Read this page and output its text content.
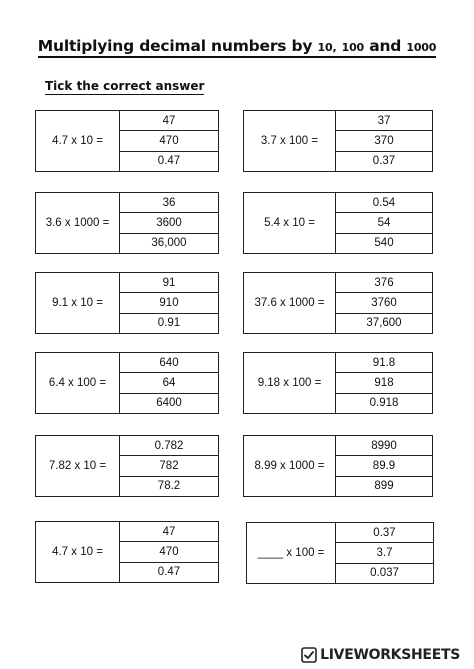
Multiplying decimal numbers by 10, 100 and 1000
Tick the correct answer
4.7 x 10 =
47
470
0.47
3.7 x 100 =
37
370
0.37
3.6 x 1000 =
36
3600
36,000
5.4 x 10 =
0.54
54
540
9.1 x 10 =
91
910
0.91
37.6 x 1000 =
376
3760
37,600
6.4 x 100 =
640
64
6400
9.18 x 100 =
91.8
918
0.918
7.82 x 10 =
0.782
782
78.2
8.99 x 1000 =
8990
89.9
899
4.7 x 10 =
47
470
0.47
____ x 100 =
0.37
3.7
0.037
LIVEWORKSHEETS
